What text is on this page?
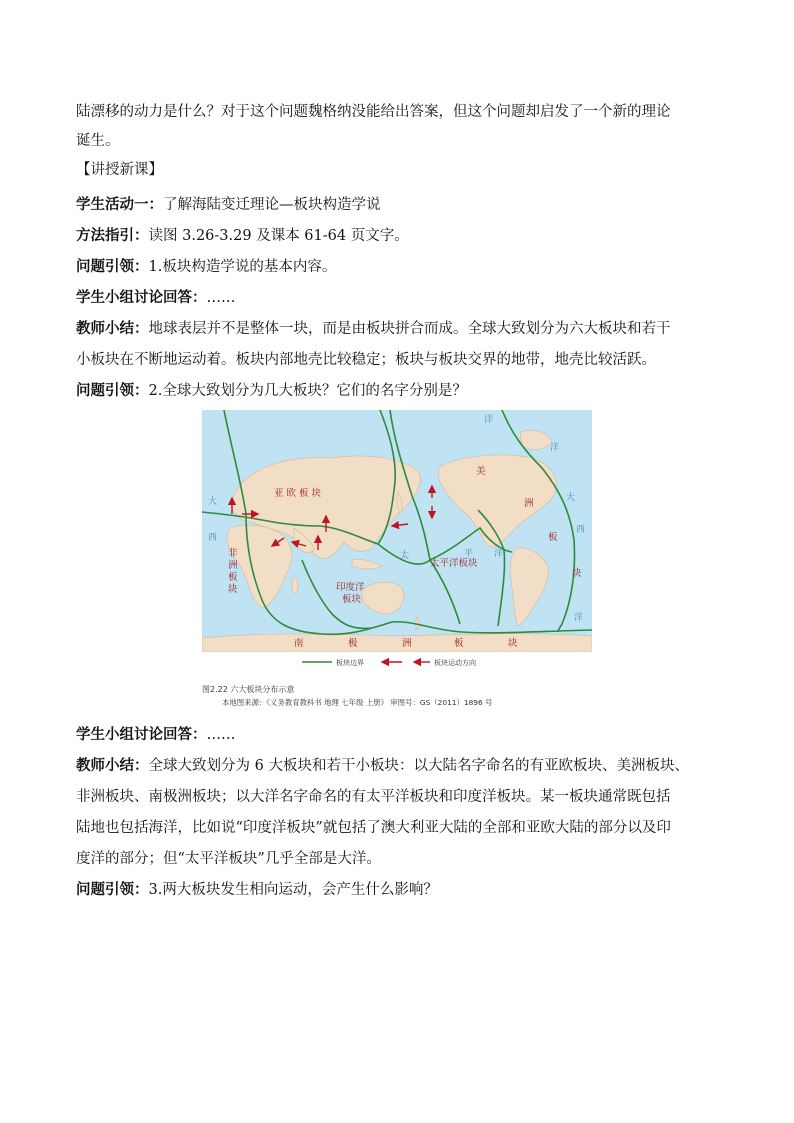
陆漂移的动力是什么？对于这个问题魏格纳没能给出答案，但这个问题却启发了一个新的理论
诞生。
【讲授新课】
学生活动一：了解海陆变迁理论—板块构造学说
方法指引：读图 3.26-3.29 及课本 61-64 页文字。
问题引领：1.板块构造学说的基本内容。
学生小组讨论回答：……
教师小结：地球表层并不是整体一块，而是由板块拼合而成。全球大致划分为六大板块和若干
小板块在不断地运动着。板块内部地壳比较稳定；板块与板块交界的地带，地壳比较活跃。
问题引领：2.全球大致划分为几大板块？它们的名字分别是？
亚 欧 板 块
非
洲
板
块	印度洋
板块
太平洋板块
美
洲
板
块
南	极	洲	板	块
洋
洋
大
西
大
西
洋
太	平 洋
板块边界	板块运动方向
图2.22 六大板块分布示意
本地图来源：《义务教育教科书 地理 七年级 上册》 审图号：GS（2011）1896 号
学生小组讨论回答：……
教师小结：全球大致划分为 6 大板块和若干小板块：以大陆名字命名的有亚欧板块、美洲板块、
非洲板块、南极洲板块；以大洋名字命名的有太平洋板块和印度洋板块。某一板块通常既包括
陆地也包括海洋，比如说“印度洋板块”就包括了澳大利亚大陆的全部和亚欧大陆的部分以及印
度洋的部分；但“太平洋板块”几乎全部是大洋。
问题引领：3.两大板块发生相向运动，会产生什么影响？
